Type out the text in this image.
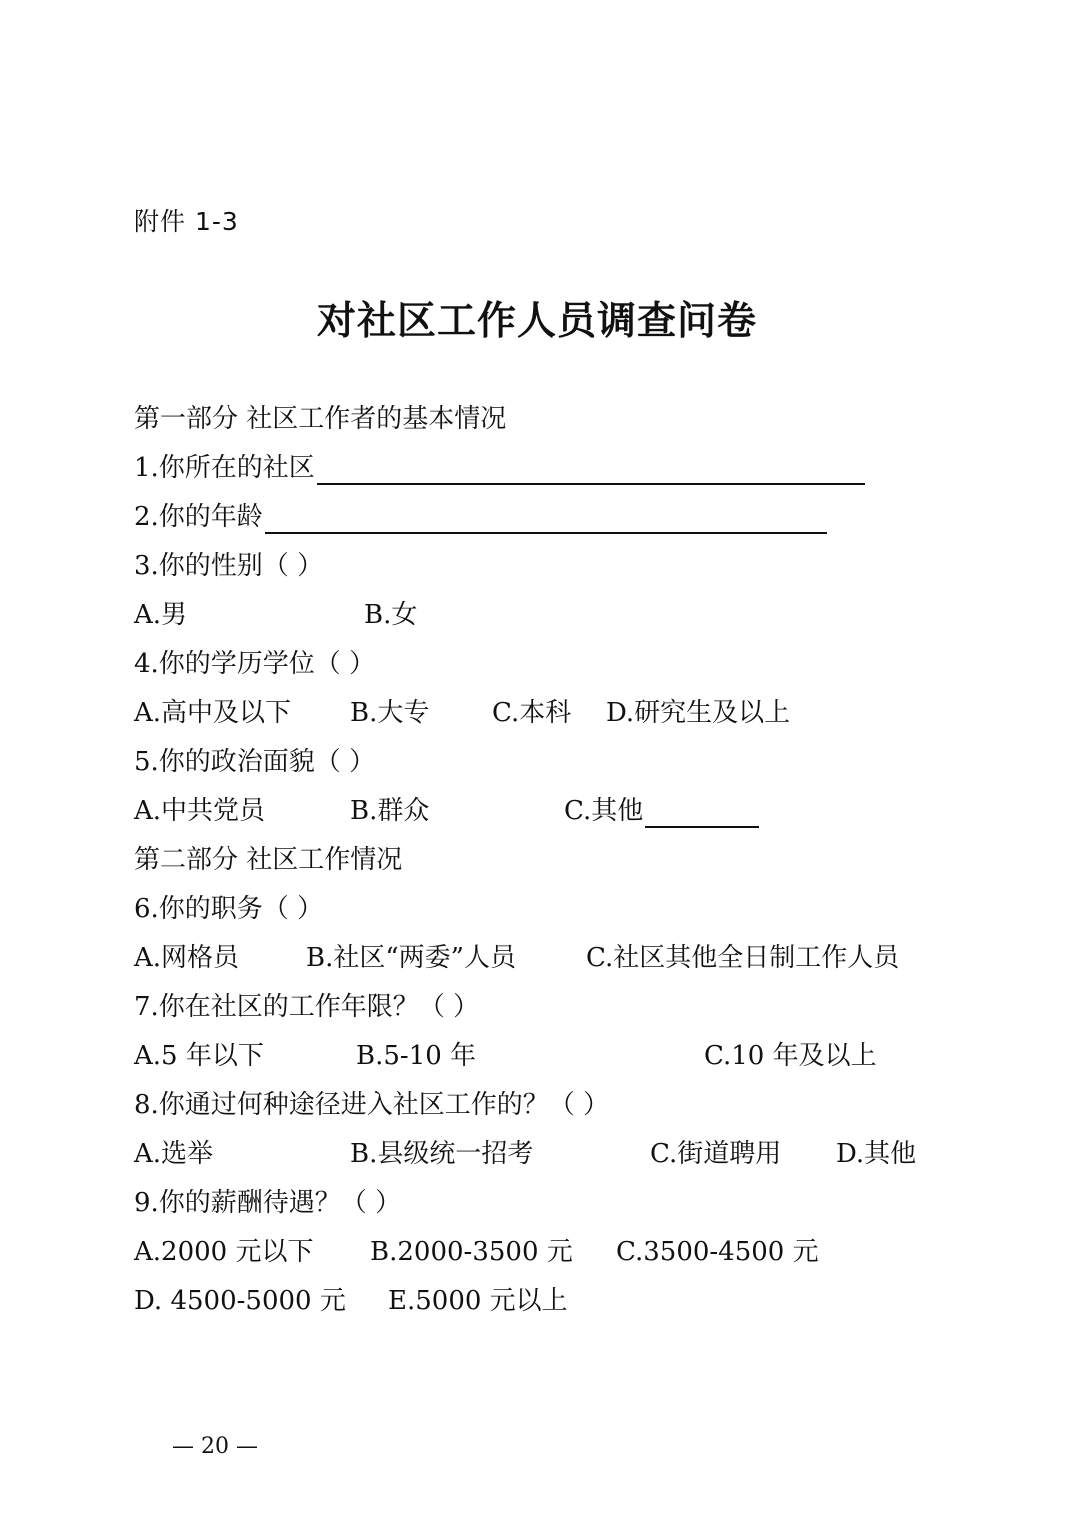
附件 1-3
对社区工作人员调查问卷
第一部分 社区工作者的基本情况
1.你所在的社区
2.你的年龄
3.你的性别（ ）
A.男	B.女
4.你的学历学位（ ）
A.高中及以下 B.大专 C.本科 D.研究生及以上
5.你的政治面貌（ ）
A.中共党员	B.群众	C.其他
第二部分 社区工作情况
6.你的职务（ ）
A.网格员	B.社区“两委”人员	C.社区其他全日制工作人员
7.你在社区的工作年限？（ ）
A.5 年以下	B.5-10 年	C.10 年及以上
8.你通过何种途径进入社区工作的？（ ）
A.选举	B.县级统一招考	C.街道聘用 D.其他
9.你的薪酬待遇？（ ）
A.2000 元以下 B.2000-3500 元 C.3500-4500 元
D. 4500-5000 元 E.5000 元以上
— 20 —
